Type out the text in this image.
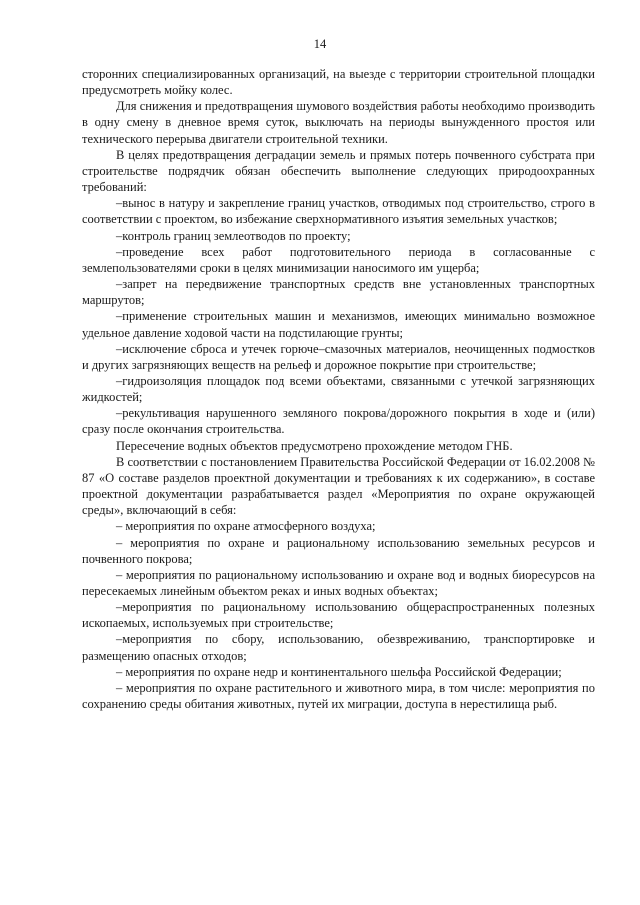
14

сторонних специализированных организаций, на выезде с территории строительной площадки предусмотреть мойку колес.

Для снижения и предотвращения шумового воздействия работы необходимо производить в одну смену в дневное время суток, выключать на периоды вынужденного простоя или технического перерыва двигатели строительной техники.

В целях предотвращения деградации земель и прямых потерь почвенного субстрата при строительстве подрядчик обязан обеспечить выполнение следующих природоохранных требований:

–вынос в натуру и закрепление границ участков, отводимых под строительство, строго в соответствии с проектом, во избежание сверхнормативного изъятия земельных участков;

–контроль границ землеотводов по проекту;

–проведение всех работ подготовительного периода в согласованные с землепользователями сроки в целях минимизации наносимого им ущерба;

–запрет на передвижение транспортных средств вне установленных транспортных маршрутов;

–применение строительных машин и механизмов, имеющих минимально возможное удельное давление ходовой части на подстилающие грунты;

–исключение сброса и утечек горюче–смазочных материалов, неочищенных подмостков и других загрязняющих веществ на рельеф и дорожное покрытие при строительстве;

–гидроизоляция площадок под всеми объектами, связанными с утечкой загрязняющих жидкостей;

–рекультивация нарушенного земляного покрова/дорожного покрытия в ходе и (или) сразу после окончания строительства.

Пересечение водных объектов предусмотрено прохождение методом ГНБ.

В соответствии с постановлением Правительства Российской Федерации от 16.02.2008 № 87 «О составе разделов проектной документации и требованиях к их содержанию», в составе проектной документации разрабатывается раздел «Мероприятия по охране окружающей среды», включающий в себя:

– мероприятия по охране атмосферного воздуха;

– мероприятия по охране и рациональному использованию земельных ресурсов и почвенного покрова;

– мероприятия по рациональному использованию и охране вод и водных биоресурсов на пересекаемых линейным объектом реках и иных водных объектах;

–мероприятия по рациональному использованию общераспространенных полезных ископаемых, используемых при строительстве;

–мероприятия по сбору, использованию, обезвреживанию, транспортировке и размещению опасных отходов;

– мероприятия по охране недр и континентального шельфа Российской Федерации;

– мероприятия по охране растительного и животного мира, в том числе: мероприятия по сохранению среды обитания животных, путей их миграции, доступа в нерестилища рыб.
